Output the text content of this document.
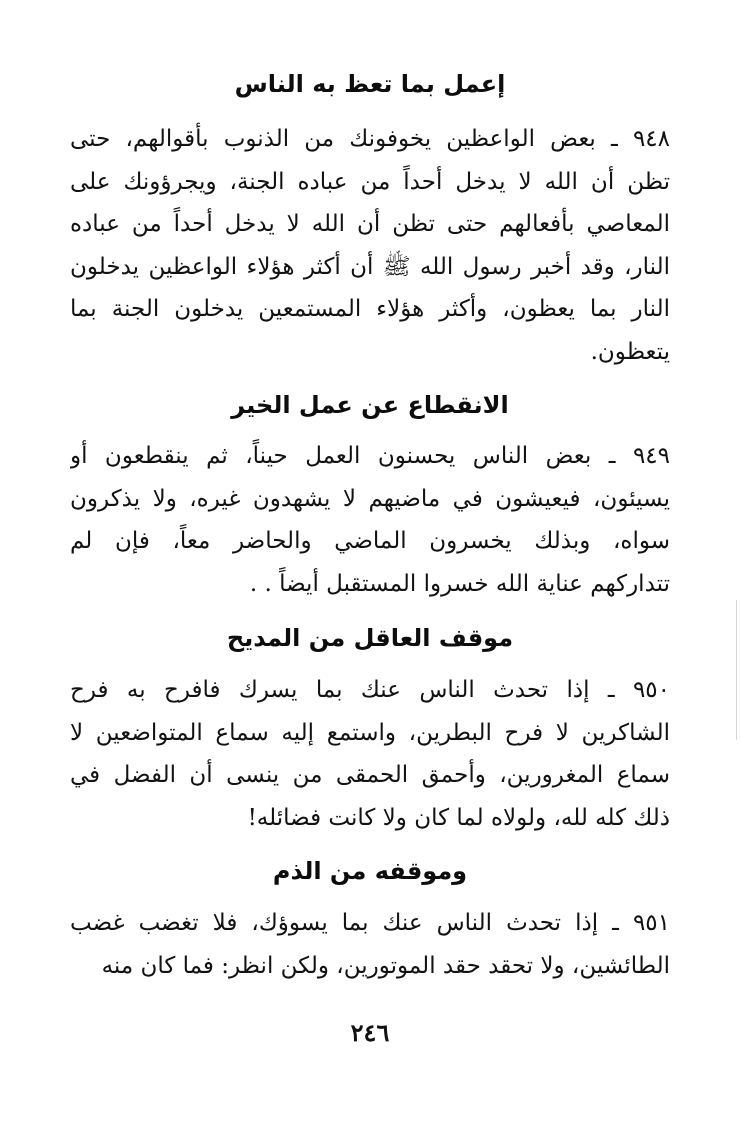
إعمل بما تعظ به الناس
٩٤٨ ـ بعض الواعظين يخوفونك من الذنوب بأقوالهم، حتى
تظن أن الله لا يدخل أحداً من عباده الجنة، ويجرؤونك على
المعاصي بأفعالهم حتى تظن أن الله لا يدخل أحداً من عباده
النار، وقد أخبر رسول الله ﷺ أن أكثر هؤلاء الواعظين يدخلون
النار بما يعظون، وأكثر هؤلاء المستمعين يدخلون الجنة بما
يتعظون.
الانقطاع عن عمل الخير
٩٤٩ ـ بعض الناس يحسنون العمل حيناً، ثم ينقطعون أو
يسيئون، فيعيشون في ماضيهم لا يشهدون غيره، ولا يذكرون
سواه، وبذلك يخسرون الماضي والحاضر معاً، فإن لم
تتداركهم عناية الله خسروا المستقبل أيضاً . .
موقف العاقل من المديح
٩٥٠ ـ إذا تحدث الناس عنك بما يسرك فافرح به فرح
الشاكرين لا فرح البطرين، واستمع إليه سماع المتواضعين لا
سماع المغرورين، وأحمق الحمقى من ينسى أن الفضل في
ذلك كله لله، ولولاه لما كان ولا كانت فضائله!
وموقفه من الذم
٩٥١ ـ إذا تحدث الناس عنك بما يسوؤك، فلا تغضب غضب
الطائشين، ولا تحقد حقد الموتورين، ولكن انظر: فما كان منه
٢٤٦
